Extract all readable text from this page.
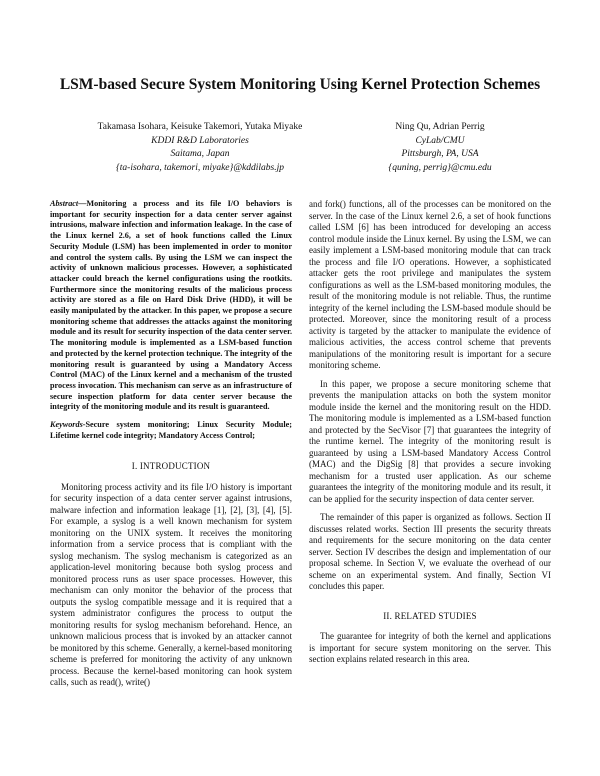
LSM-based Secure System Monitoring Using Kernel Protection Schemes
Takamasa Isohara, Keisuke Takemori, Yutaka Miyake
KDDI R&D Laboratories
Saitama, Japan
{ta-isohara, takemori, miyake}@kddilabs.jp
Ning Qu, Adrian Perrig
CyLab/CMU
Pittsburgh, PA, USA
{quning, perrig}@cmu.edu

Abstract—Monitoring a process and its file I/O behaviors is important for security inspection for a data center server against intrusions, malware infection and information leakage. In the case of the Linux kernel 2.6, a set of hook functions called the Linux Security Module (LSM) has been implemented in order to monitor and control the system calls. By using the LSM we can inspect the activity of unknown malicious processes. However, a sophisticated attacker could breach the kernel configurations using the rootkits. Furthermore since the monitoring results of the malicious process activity are stored as a file on Hard Disk Drive (HDD), it will be easily manipulated by the attacker. In this paper, we propose a secure monitoring scheme that addresses the attacks against the monitoring module and its result for security inspection of the data center server. The monitoring module is implemented as a LSM-based function and protected by the kernel protection technique. The integrity of the monitoring result is guaranteed by using a Mandatory Access Control (MAC) of the Linux kernel and a mechanism of the trusted process invocation. This mechanism can serve as an infrastructure of secure inspection platform for data center server because the integrity of the monitoring module and its result is guaranteed.

Keywords-Secure system monitoring; Linux Security Module; Lifetime kernel code integrity; Mandatory Access Control;

I. INTRODUCTION

Monitoring process activity and its file I/O history is important for security inspection of a data center server against intrusions, malware infection and information leakage [1], [2], [3], [4], [5]. For example, a syslog is a well known mechanism for system monitoring on the UNIX system. It receives the monitoring information from a service process that is compliant with the syslog mechanism. The syslog mechanism is categorized as an application-level monitoring because both syslog process and monitored process runs as user space processes. However, this mechanism can only monitor the behavior of the process that outputs the syslog compatible message and it is required that a system administrator configures the process to output the monitoring results for syslog mechanism beforehand. Hence, an unknown malicious process that is invoked by an attacker cannot be monitored by this scheme. Generally, a kernel-based monitoring scheme is preferred for monitoring the activity of any unknown process. Because the kernel-based monitoring can hook system calls, such as read(), write()

and fork() functions, all of the processes can be monitored on the server. In the case of the Linux kernel 2.6, a set of hook functions called LSM [6] has been introduced for developing an access control module inside the Linux kernel. By using the LSM, we can easily implement a LSM-based monitoring module that can track the process and file I/O operations. However, a sophisticated attacker gets the root privilege and manipulates the system configurations as well as the LSM-based monitoring modules, the result of the monitoring module is not reliable. Thus, the runtime integrity of the kernel including the LSM-based module should be protected. Moreover, since the monitoring result of a process activity is targeted by the attacker to manipulate the evidence of malicious activities, the access control scheme that prevents manipulations of the monitoring result is important for a secure monitoring scheme.

In this paper, we propose a secure monitoring scheme that prevents the manipulation attacks on both the system monitor module inside the kernel and the monitoring result on the HDD. The monitoring module is implemented as a LSM-based function and protected by the SecVisor [7] that guarantees the integrity of the runtime kernel. The integrity of the monitoring result is guaranteed by using a LSM-based Mandatory Access Control (MAC) and the DigSig [8] that provides a secure invoking mechanism for a trusted user application. As our scheme guarantees the integrity of the monitoring module and its result, it can be applied for the security inspection of data center server.

The remainder of this paper is organized as follows. Section II discusses related works. Section III presents the security threats and requirements for the secure monitoring on the data center server. Section IV describes the design and implementation of our proposal scheme. In Section V, we evaluate the overhead of our scheme on an experimental system. And finally, Section VI concludes this paper.

II. RELATED STUDIES

The guarantee for integrity of both the kernel and applications is important for secure system monitoring on the server. This section explains related research in this area.
